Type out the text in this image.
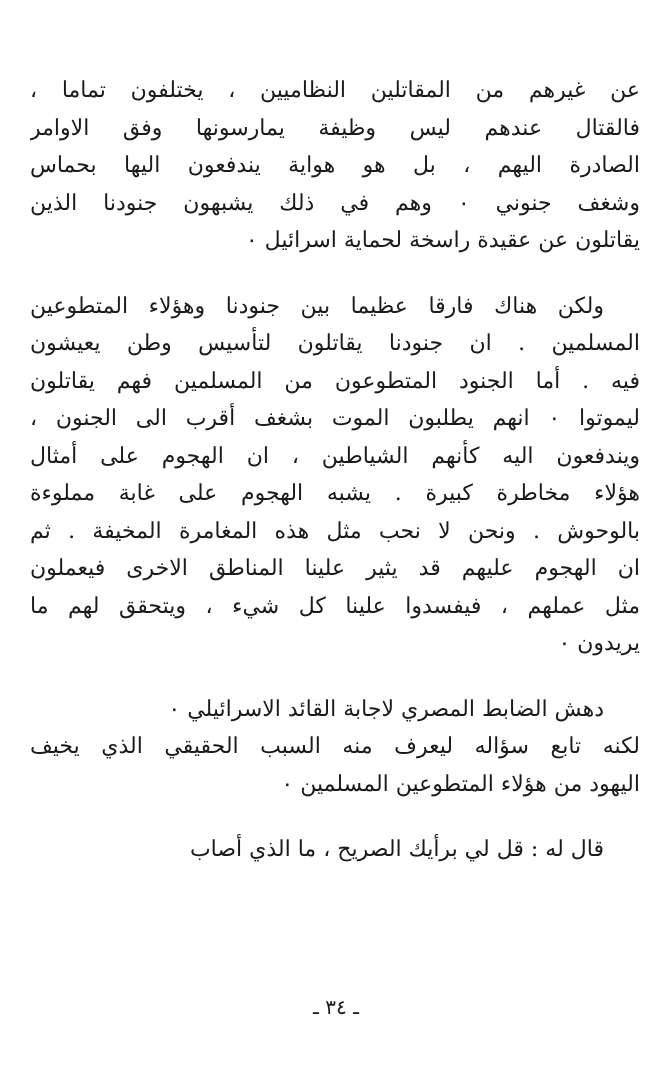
عن غيرهم من المقاتلين النظاميين ، يختلفون تماما ،
فالقتال عندهم ليس وظيفة يمارسونها وفق الاوامر
الصادرة اليهم ، بل هو هواية يندفعون اليها بحماس
وشغف جنوني ٠ وهم في ذلك يشبهون جنودنا الذين
يقاتلون عن عقيدة راسخة لحماية اسرائيل ٠
ولكن هناك فارقا عظيما بين جنودنا وهؤلاء المتطوعين
المسلمين . ان جنودنا يقاتلون لتأسيس وطن يعيشون
فيه . أما الجنود المتطوعون من المسلمين فهم يقاتلون
ليموتوا ٠ انهم يطلبون الموت بشغف أقرب الى الجنون ،
ويندفعون اليه كأنهم الشياطين ، ان الهجوم على أمثال
هؤلاء مخاطرة كبيرة . يشبه الهجوم على غابة مملوءة
بالوحوش . ونحن لا نحب مثل هذه المغامرة المخيفة . ثم
ان الهجوم عليهم قد يثير علينا المناطق الاخرى فيعملون
مثل عملهم ، فيفسدوا علينا كل شيء ، ويتحقق لهم ما
يريدون ٠
دهش الضابط المصري لاجابة القائد الاسرائيلي ٠
لكنه تابع سؤاله ليعرف منه السبب الحقيقي الذي يخيف
اليهود من هؤلاء المتطوعين المسلمين ٠
قال له : قل لي برأيك الصريح ، ما الذي أصاب
ـ ٣٤ ـ
